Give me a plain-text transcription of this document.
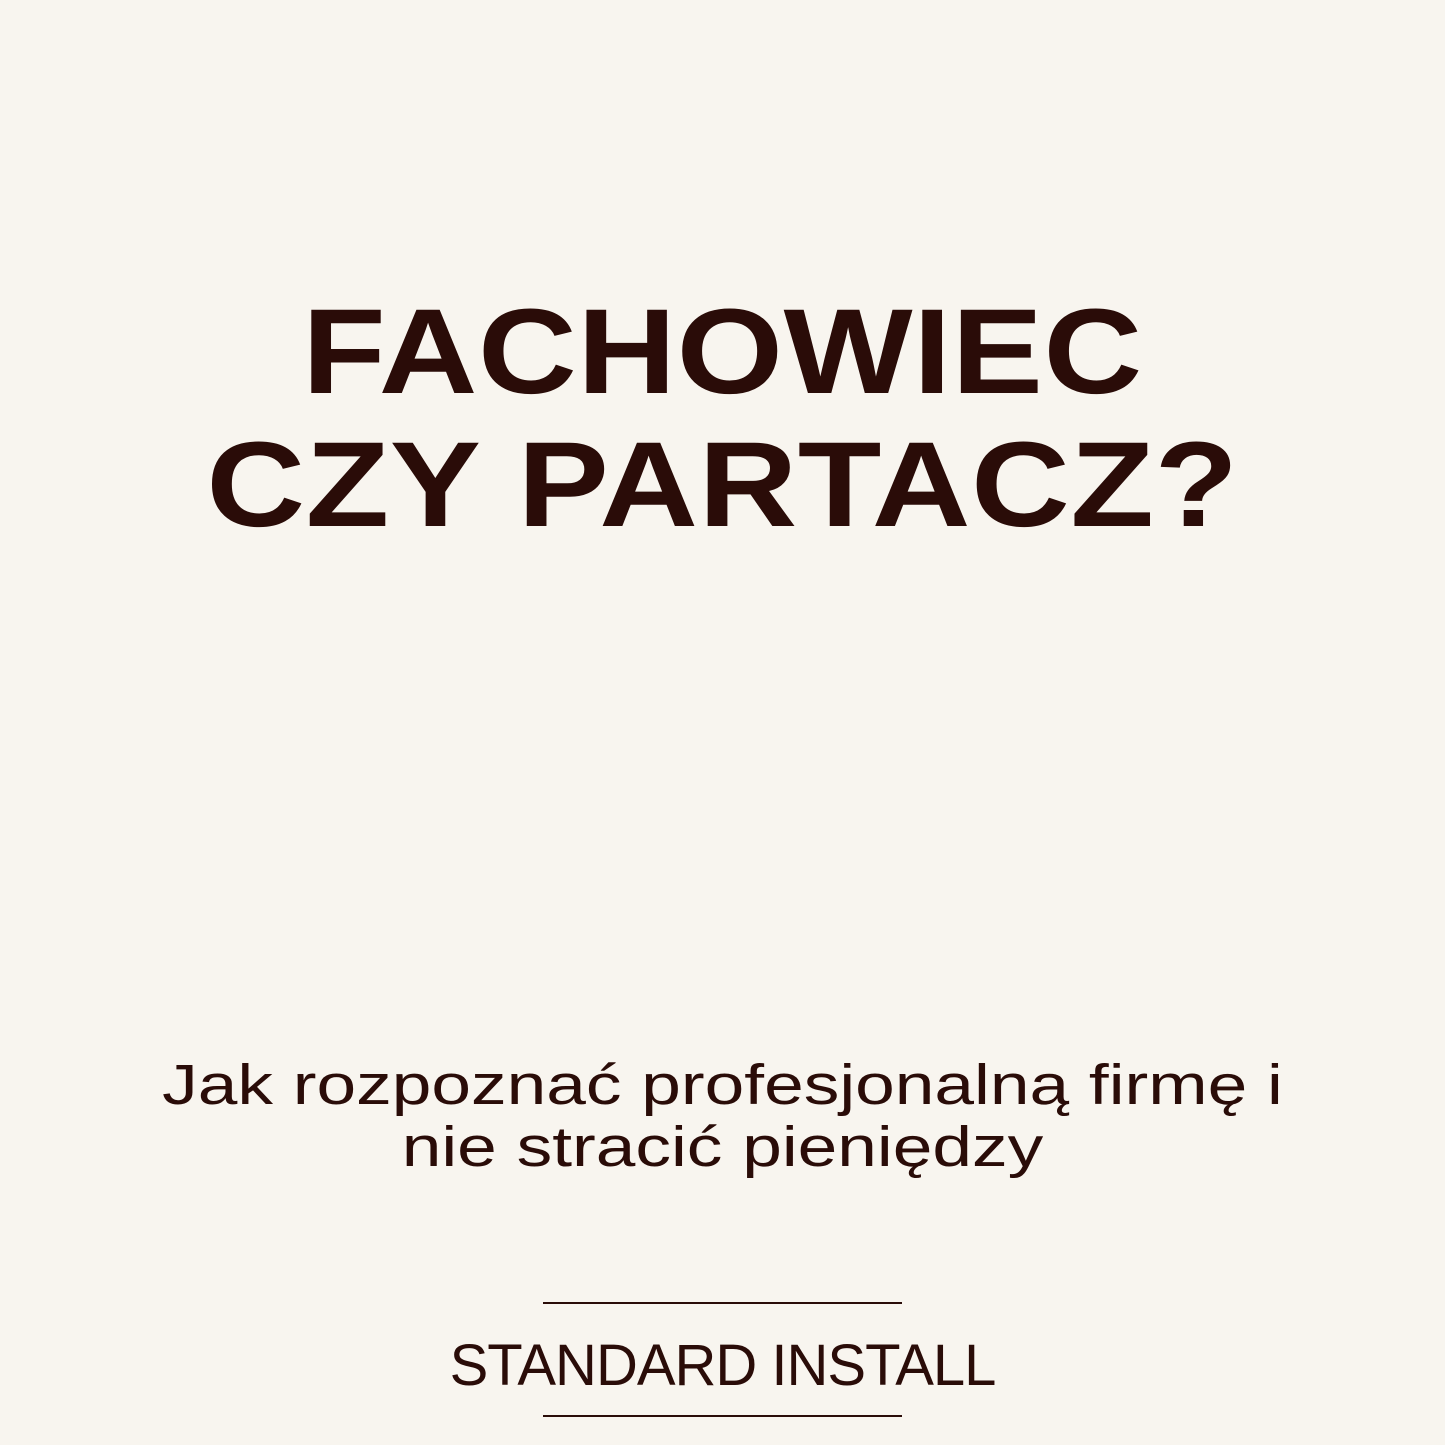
FACHOWIEC
CZY PARTACZ?

Jak rozpoznać profesjonalną firmę i
nie stracić pieniędzy

STANDARD INSTALL
